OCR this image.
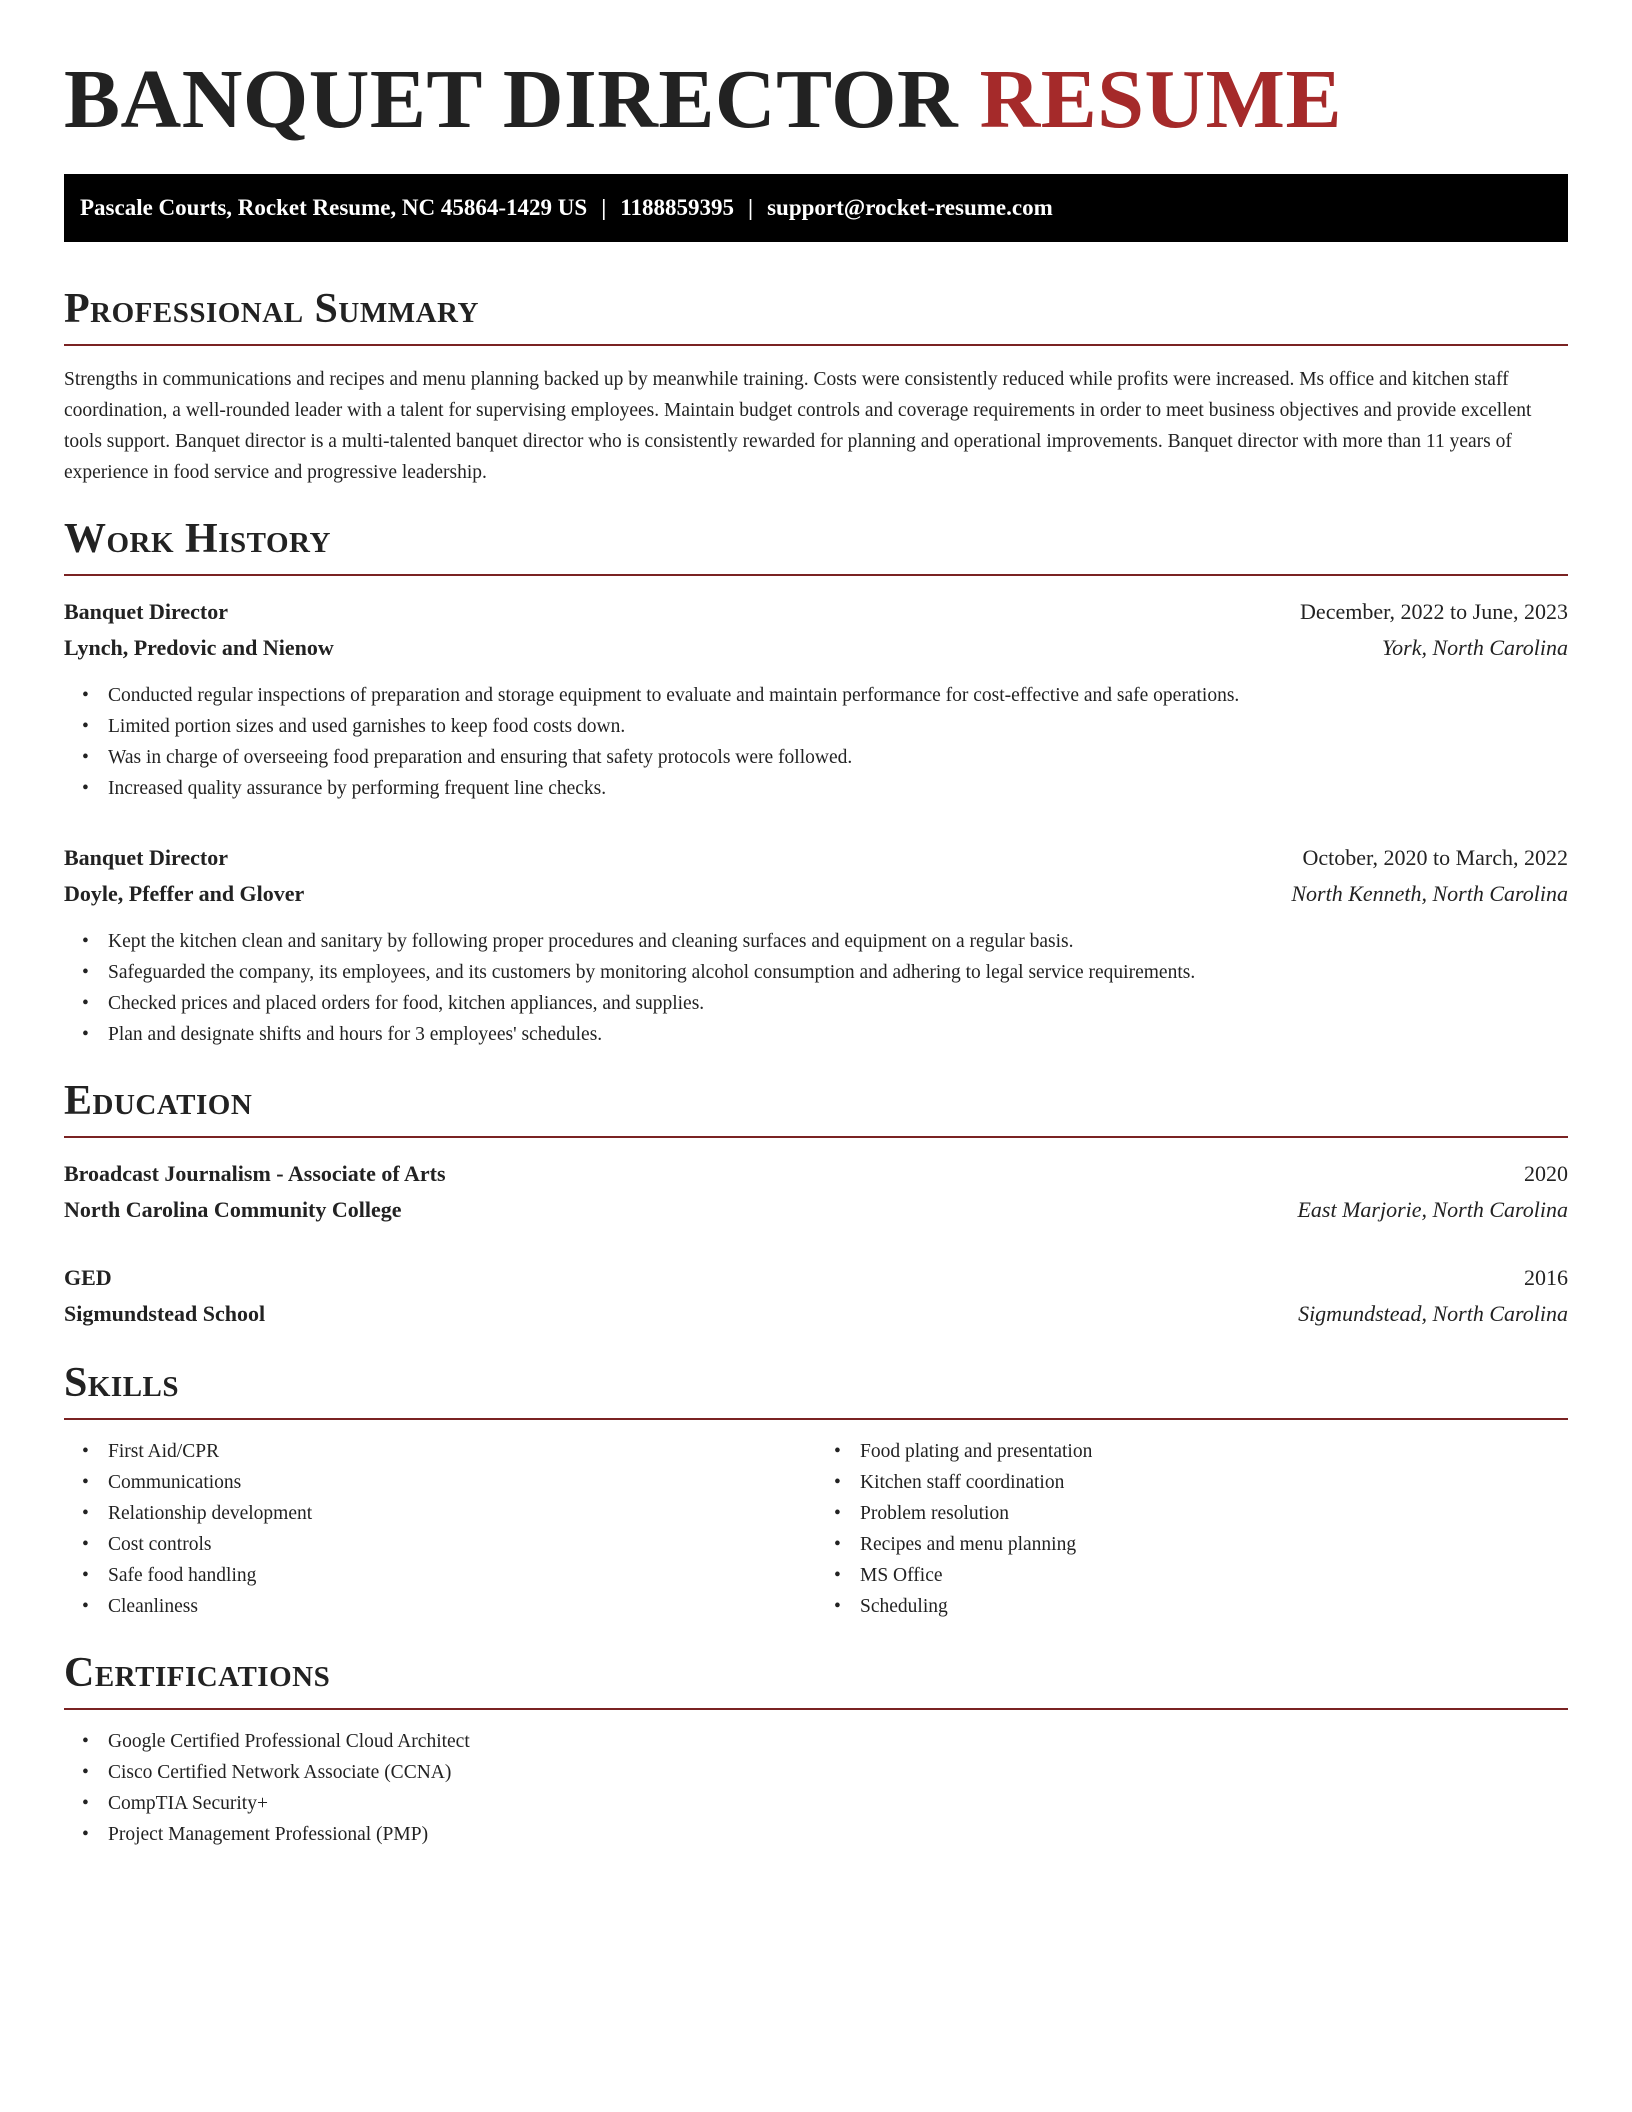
BANQUET DIRECTOR RESUME
Pascale Courts, Rocket Resume, NC 45864-1429 US | 1188859395 | support@rocket-resume.com
Professional Summary

Strengths in communications and recipes and menu planning backed up by meanwhile training. Costs were consistently reduced while profits were increased. Ms office and kitchen staff coordination, a well-rounded leader with a talent for supervising employees. Maintain budget controls and coverage requirements in order to meet business objectives and provide excellent tools support. Banquet director is a multi-talented banquet director who is consistently rewarded for planning and operational improvements. Banquet director with more than 11 years of experience in food service and progressive leadership.

Work History
Banquet Director	December, 2022 to June, 2023
Lynch, Predovic and Nienow	York, North Carolina
• Conducted regular inspections of preparation and storage equipment to evaluate and maintain performance for cost-effective and safe operations.
• Limited portion sizes and used garnishes to keep food costs down.
• Was in charge of overseeing food preparation and ensuring that safety protocols were followed.
• Increased quality assurance by performing frequent line checks.
Banquet Director	October, 2020 to March, 2022
Doyle, Pfeffer and Glover	North Kenneth, North Carolina
• Kept the kitchen clean and sanitary by following proper procedures and cleaning surfaces and equipment on a regular basis.
• Safeguarded the company, its employees, and its customers by monitoring alcohol consumption and adhering to legal service requirements.
• Checked prices and placed orders for food, kitchen appliances, and supplies.
• Plan and designate shifts and hours for 3 employees' schedules.
Education
Broadcast Journalism - Associate of Arts	2020
North Carolina Community College	East Marjorie, North Carolina
GED	2016
Sigmundstead School	Sigmundstead, North Carolina
Skills
• First Aid/CPR
• Communications
• Relationship development
• Cost controls
• Safe food handling
• Cleanliness
• Food plating and presentation
• Kitchen staff coordination
• Problem resolution
• Recipes and menu planning
• MS Office
• Scheduling
Certifications
• Google Certified Professional Cloud Architect
• Cisco Certified Network Associate (CCNA)
• CompTIA Security+
• Project Management Professional (PMP)
